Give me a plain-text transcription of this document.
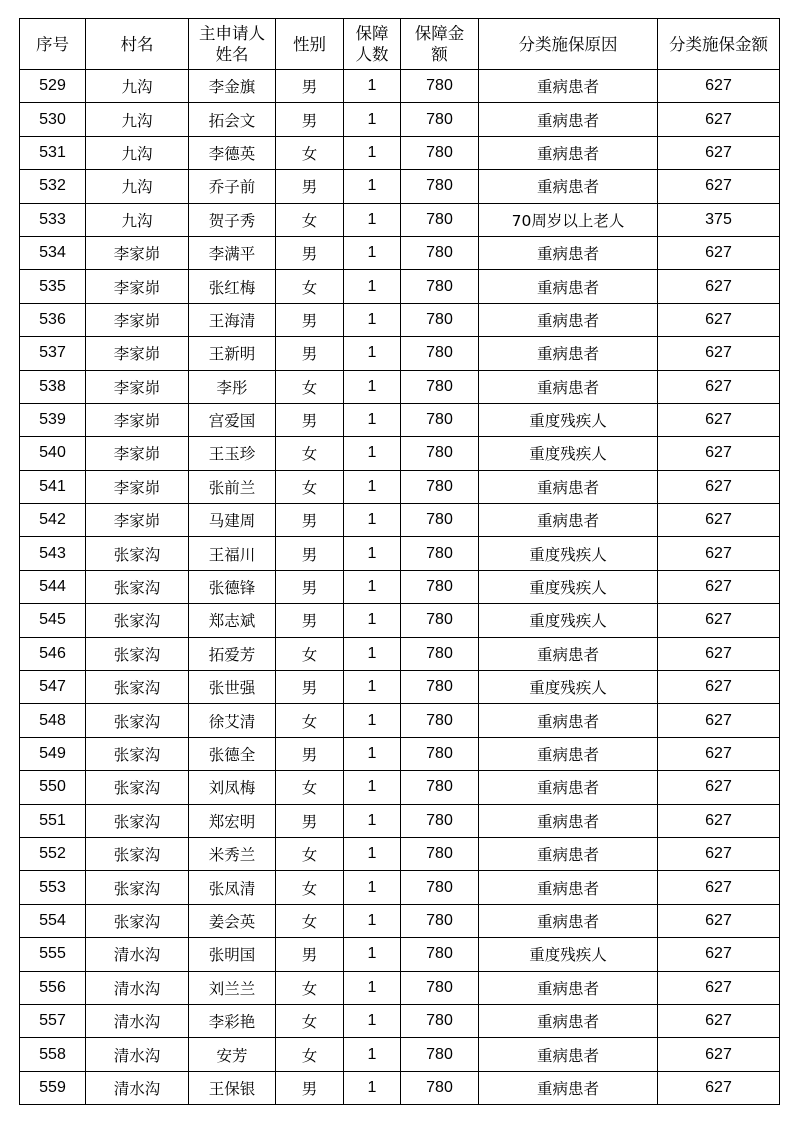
序号	村名	主申请人姓名	性别	保障人数	保障金额	分类施保原因	分类施保金额
529	九沟	李金旗	男	1	780	重病患者	627
530	九沟	拓会文	男	1	780	重病患者	627
531	九沟	李德英	女	1	780	重病患者	627
532	九沟	乔子前	男	1	780	重病患者	627
533	九沟	贺子秀	女	1	780	70周岁以上老人	375
534	李家峁	李满平	男	1	780	重病患者	627
535	李家峁	张红梅	女	1	780	重病患者	627
536	李家峁	王海清	男	1	780	重病患者	627
537	李家峁	王新明	男	1	780	重病患者	627
538	李家峁	李彤	女	1	780	重病患者	627
539	李家峁	宫爱国	男	1	780	重度残疾人	627
540	李家峁	王玉珍	女	1	780	重度残疾人	627
541	李家峁	张前兰	女	1	780	重病患者	627
542	李家峁	马建周	男	1	780	重病患者	627
543	张家沟	王福川	男	1	780	重度残疾人	627
544	张家沟	张德锋	男	1	780	重度残疾人	627
545	张家沟	郑志斌	男	1	780	重度残疾人	627
546	张家沟	拓爱芳	女	1	780	重病患者	627
547	张家沟	张世强	男	1	780	重度残疾人	627
548	张家沟	徐艾清	女	1	780	重病患者	627
549	张家沟	张德全	男	1	780	重病患者	627
550	张家沟	刘凤梅	女	1	780	重病患者	627
551	张家沟	郑宏明	男	1	780	重病患者	627
552	张家沟	米秀兰	女	1	780	重病患者	627
553	张家沟	张凤清	女	1	780	重病患者	627
554	张家沟	姜会英	女	1	780	重病患者	627
555	清水沟	张明国	男	1	780	重度残疾人	627
556	清水沟	刘兰兰	女	1	780	重病患者	627
557	清水沟	李彩艳	女	1	780	重病患者	627
558	清水沟	安芳	女	1	780	重病患者	627
559	清水沟	王保银	男	1	780	重病患者	627
